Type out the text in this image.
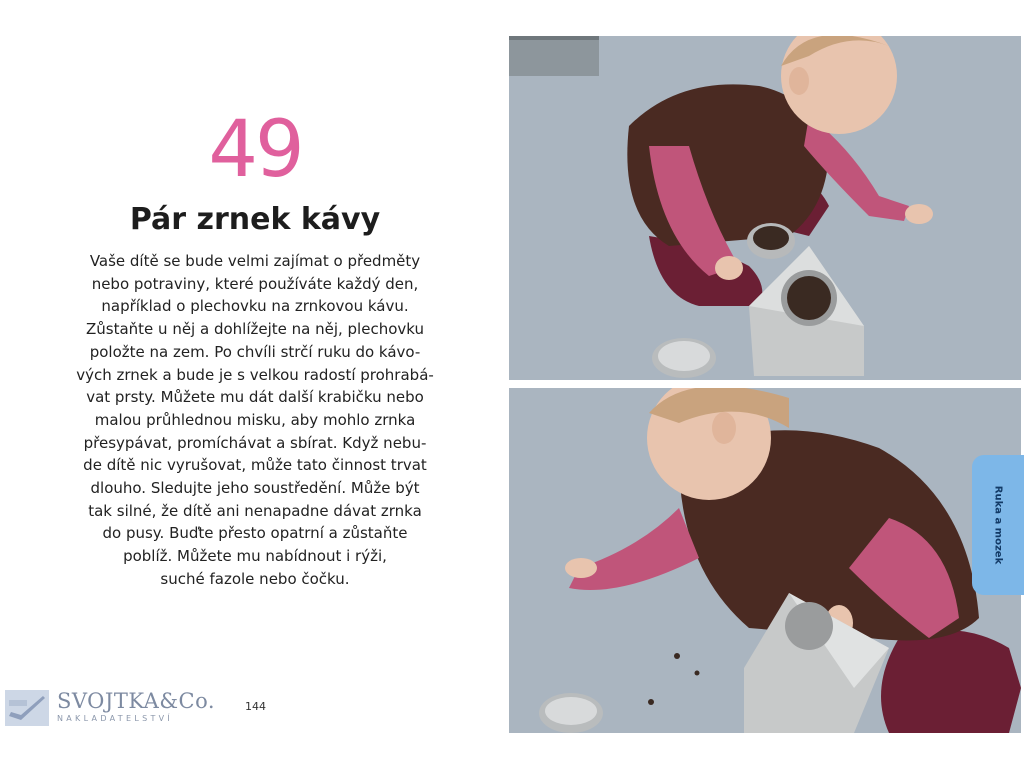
49
Pár zrnek kávy
Vaše dítě se bude velmi zajímat o předměty
nebo potraviny, které používáte každý den,
například o plechovku na zrnkovou kávu.
Zůstaňte u něj a dohlížejte na něj, plechovku
položte na zem. Po chvíli strčí ruku do kávo-
vých zrnek a bude je s velkou radostí prohrabá-
vat prsty. Můžete mu dát další krabičku nebo
malou průhlednou misku, aby mohlo zrnka
přesypávat, promíchávat a sbírat. Když nebu-
de dítě nic vyrušovat, může tato činnost trvat
dlouho. Sledujte jeho soustředění. Může být
tak silné, že dítě ani nenapadne dávat zrnka
do pusy. Buďte přesto opatrní a zůstaňte
poblíž. Můžete mu nabídnout i rýži,
suché fazole nebo čočku.
SVOJTKA&Co.
NAKLADATELSTVÍ
144
Ruka a mozek
